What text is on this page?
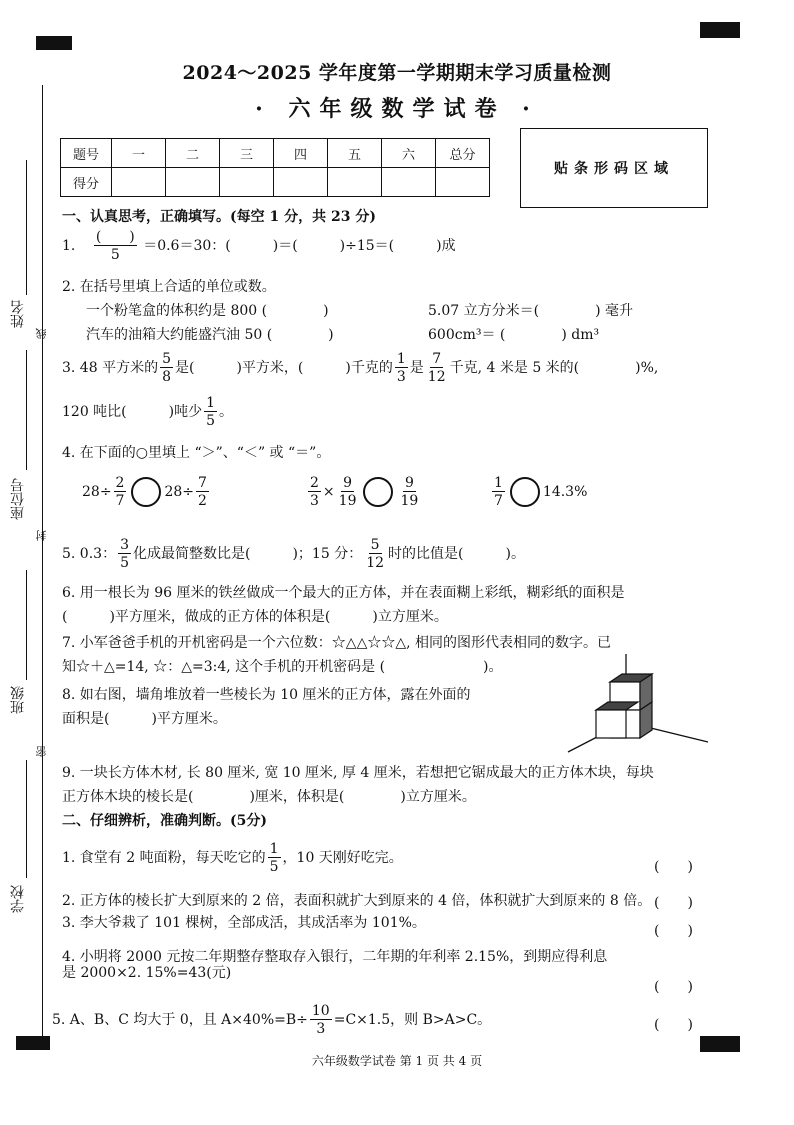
姓名
线
座位号
封
班级
密
学校
2024～2025 学年度第一学期期末学习质量检测
· 六年级数学试卷 ·
题号	一	二	三	四	五	六	总分
得分							
贴条形码区域
一、认真思考，正确填写。(每空 1 分，共 23 分)
1. $\frac{( )}{5} =0.6=30$：(　　　)＝(　　　)÷15＝(　　　)成
2. 在括号里填上合适的单位或数。
一个粉笔盒的体积约是 800 (　　　　)	5.07 立方分米＝(　　　　) 毫升
汽车的油箱大约能盛汽油 50 (　　　　)	600cm³＝ (　　　　) dm³
3. 48 平方米的 $\frac{5}{8}$ 是(　　　)平方米，(　　　)千克的 $\frac{1}{3}$ 是 $\frac{7}{12}$ 千克, 4 米是 5 米的(　　　　)%,
120 吨比(　　　)吨少 $\frac{1}{5}$ 。
4. 在下面的○里填上 “＞”、“＜” 或 “＝”。
$28\div \frac{2}{7}$	$28\div \frac{7}{2}$	$\frac{2}{3} \times \frac{9}{19}$	$\frac{9}{19}$	$\frac{1}{7}$	14.3%
5. 0.3： $\frac{3}{5}$ 化成最简整数比是(　　　)；15 分： $\frac{5}{12}$ 时的比值是(　　　)。
6. 用一根长为 96 厘米的铁丝做成一个最大的正方体，并在表面糊上彩纸，糊彩纸的面积是
(　　　)平方厘米，做成的正方体的体积是(　　　)立方厘米。
7. 小军爸爸手机的开机密码是一个六位数：☆△△☆☆△, 相同的图形代表相同的数字。已
知☆＋△=14, ☆：△=3:4, 这个手机的开机密码是 (　　　　　　　)。
8. 如右图，墙角堆放着一些棱长为 10 厘米的正方体，露在外面的
面积是(　　　)平方厘米。
9. 一块长方体木材, 长 80 厘米, 宽 10 厘米, 厚 4 厘米，若想把它锯成最大的正方体木块，每块
正方体木块的棱长是(　　　　)厘米，体积是(　　　　)立方厘米。
二、仔细辨析，准确判断。(5分)
1. 食堂有 2 吨面粉，每天吃它的 $\frac{1}{5}$ ，10 天刚好吃完。
(　　)
2. 正方体的棱长扩大到原来的 2 倍，表面积就扩大到原来的 4 倍，体积就扩大到原来的 8 倍。 (　　)
3. 李大爷栽了 101 棵树，全部成活，其成活率为 101%。	(　　)
4. 小明将 2000 元按二年期整存整取存入银行，二年期的年利率 2.15%，到期应得利息
是 2000×2. 15%=43(元)
(　　)
5. A、B、C 均大于 0，且 $A\times 40\%=B\div \frac{10}{3} =C\times 1.5$，则 B>A>C。	(　　)
六年级数学试卷 第 1 页 共 4 页
